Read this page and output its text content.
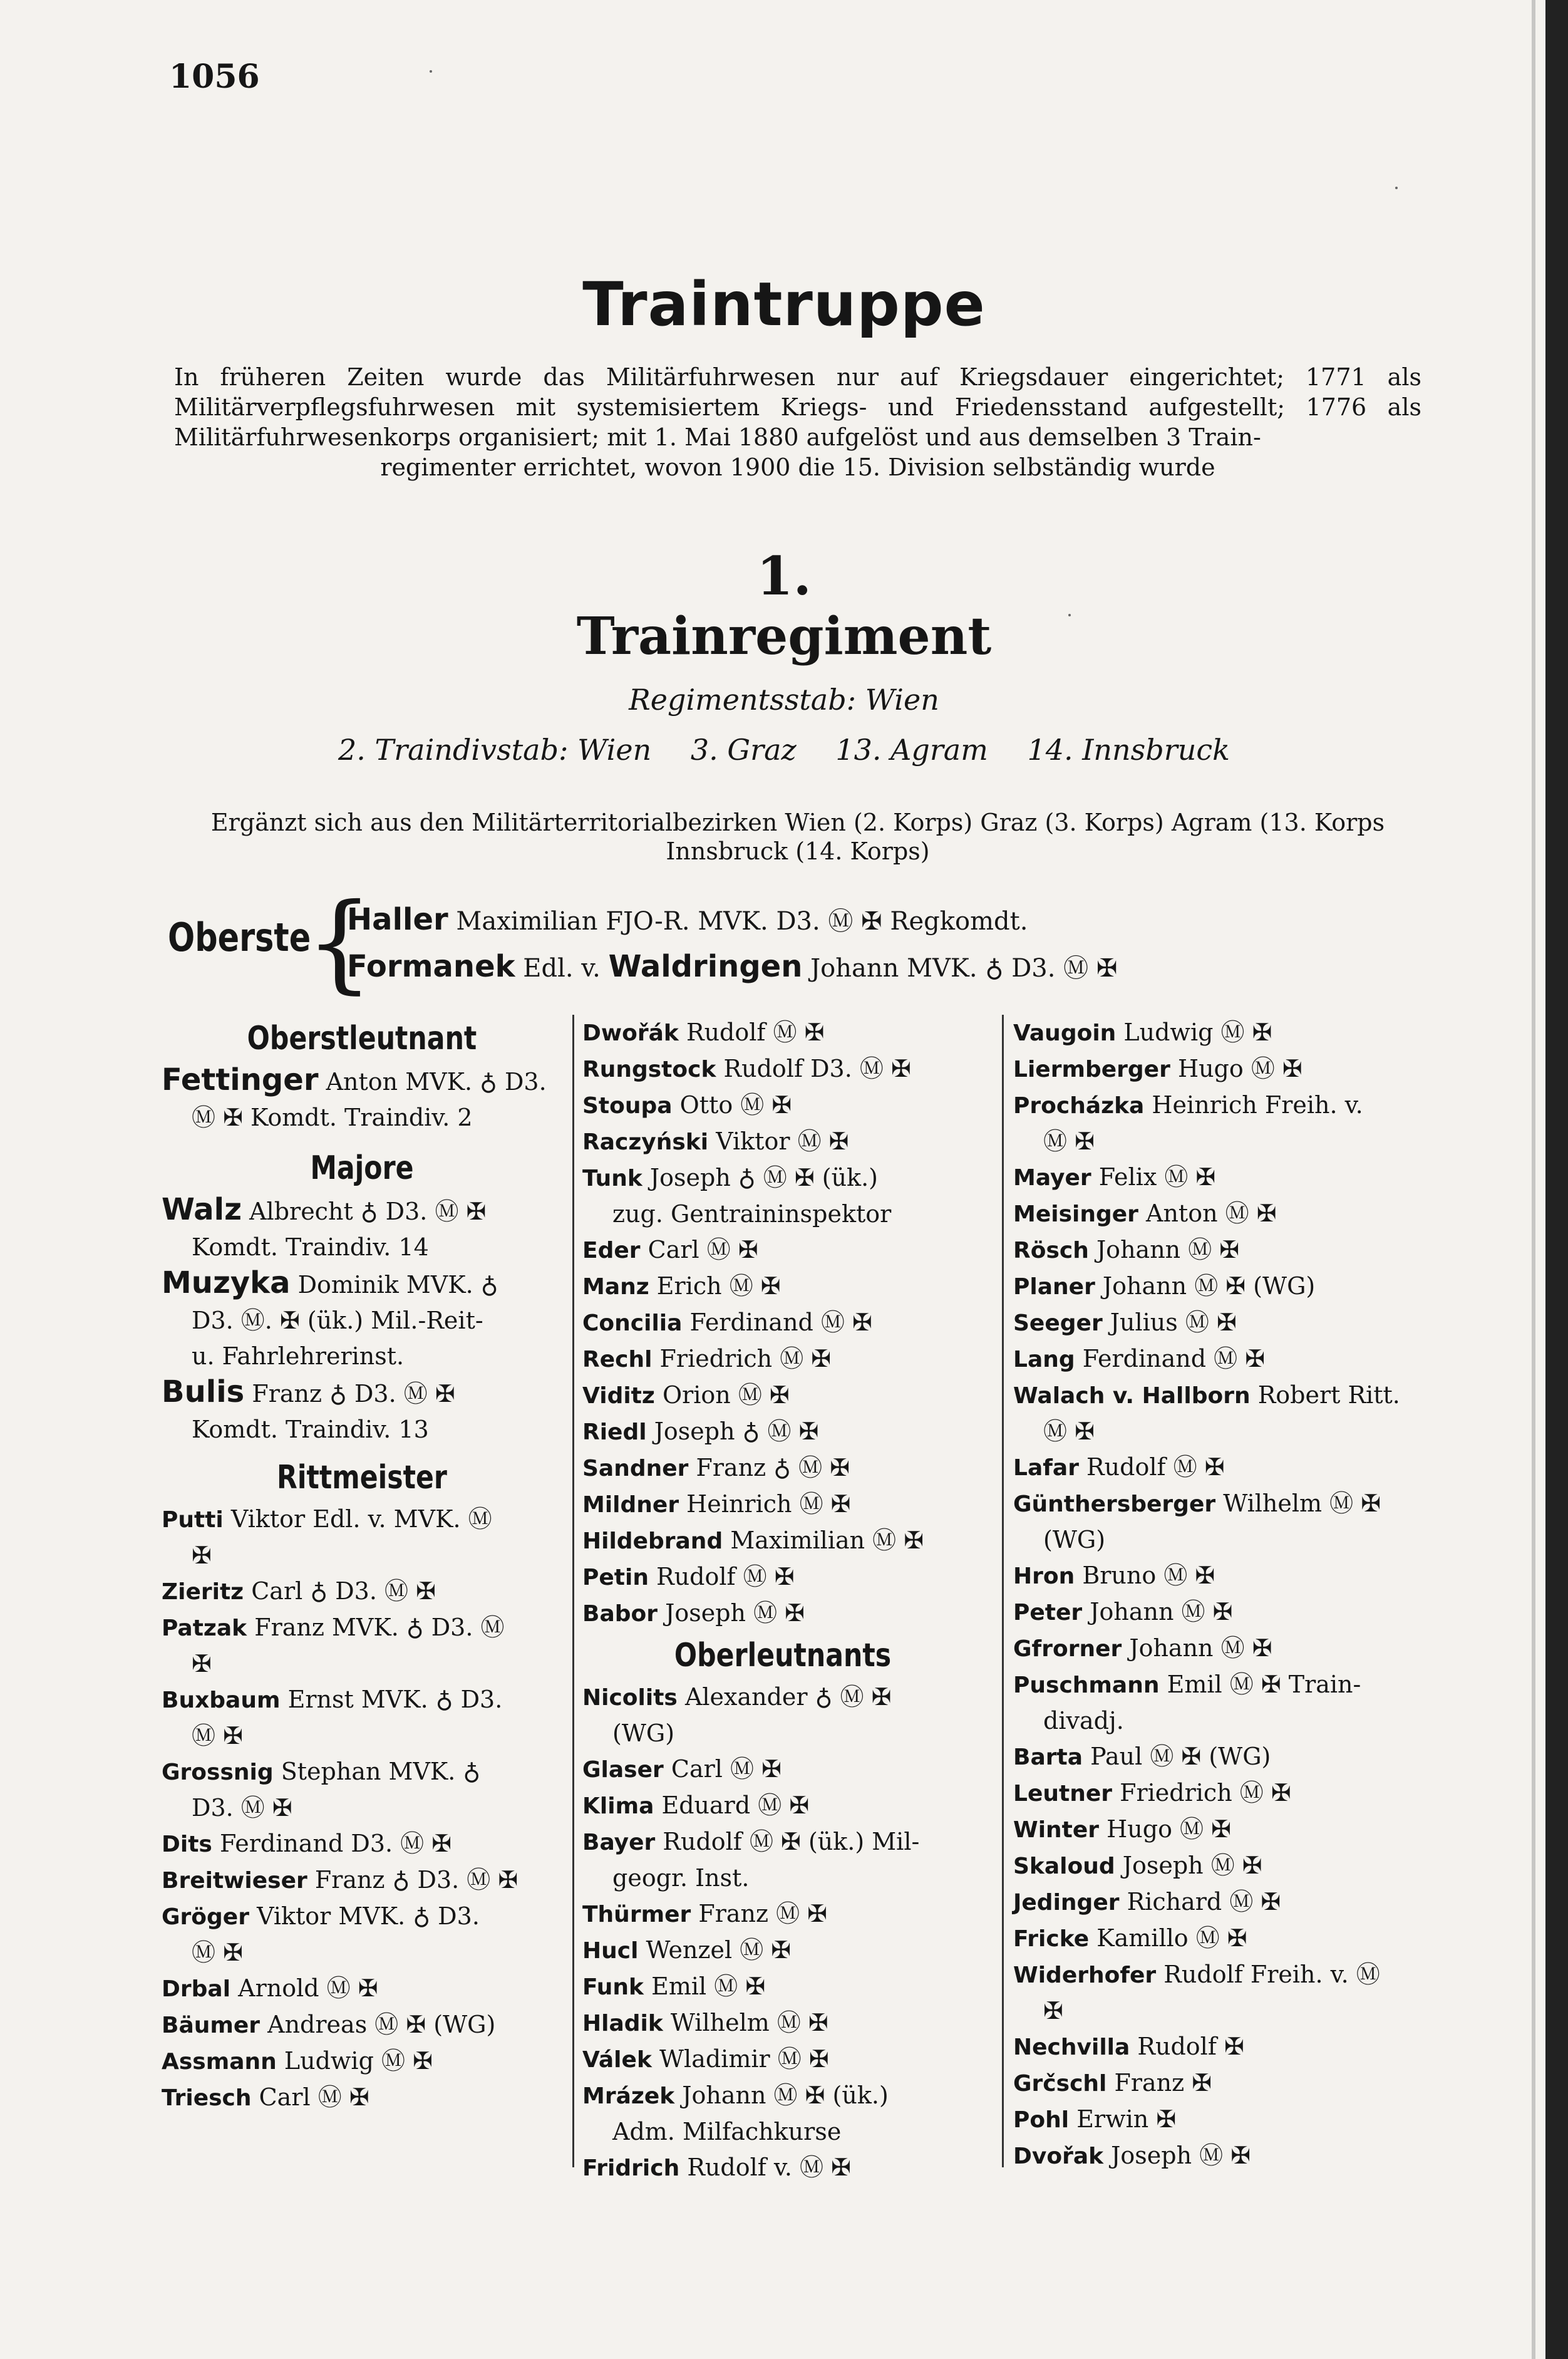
1056
Traintruppe
In früheren Zeiten wurde das Militärfuhrwesen nur auf Kriegsdauer eingerichtet; 1771 als Militärverpflegsfuhrwesen mit systemisiertem Kriegs- und Friedensstand aufgestellt; 1776 als Militärfuhrwesenkorps organisiert; mit 1. Mai 1880 aufgelöst und aus demselben 3 Train-
regimenter errichtet, wovon 1900 die 15. Division selbständig wurde
1.
Trainregiment
Regimentsstab: Wien
2. Traindivstab: Wien 3. Graz 13. Agram 14. Innsbruck
Ergänzt sich aus den Militärterritorialbezirken Wien (2. Korps) Graz (3. Korps) Agram (13. Korps Innsbruck (14. Korps)
Oberste
{
Haller Maximilian FJO-R. MVK. D3. Ⓜ ✠ Regkomdt.
Formanek Edl. v. Waldringen Johann MVK. ♁ D3. Ⓜ ✠
Oberstleutnant
Fettinger Anton MVK. ♁ D3.
Ⓜ ✠ Komdt. Traindiv. 2
Majore
Walz Albrecht ♁ D3. Ⓜ ✠
Komdt. Traindiv. 14
Muzyka Dominik MVK. ♁
D3. Ⓜ. ✠ (ük.) Mil.-Reit-
u. Fahrlehrerinst.
Bulis Franz ♁ D3. Ⓜ ✠
Komdt. Traindiv. 13
Rittmeister
Putti Viktor Edl. v. MVK. Ⓜ
✠
Zieritz Carl ♁ D3. Ⓜ ✠
Patzak Franz MVK. ♁ D3. Ⓜ
✠
Buxbaum Ernst MVK. ♁ D3.
Ⓜ ✠
Grossnig Stephan MVK. ♁
D3. Ⓜ ✠
Dits Ferdinand D3. Ⓜ ✠
Breitwieser Franz ♁ D3. Ⓜ ✠
Gröger Viktor MVK. ♁ D3.
Ⓜ ✠
Drbal Arnold Ⓜ ✠
Bäumer Andreas Ⓜ ✠ (WG)
Assmann Ludwig Ⓜ ✠
Triesch Carl Ⓜ ✠
Dwořák Rudolf Ⓜ ✠
Rungstock Rudolf D3. Ⓜ ✠
Stoupa Otto Ⓜ ✠
Raczyński Viktor Ⓜ ✠
Tunk Joseph ♁ Ⓜ ✠ (ük.)
zug. Gentraininspektor
Eder Carl Ⓜ ✠
Manz Erich Ⓜ ✠
Concilia Ferdinand Ⓜ ✠
Rechl Friedrich Ⓜ ✠
Viditz Orion Ⓜ ✠
Riedl Joseph ♁ Ⓜ ✠
Sandner Franz ♁ Ⓜ ✠
Mildner Heinrich Ⓜ ✠
Hildebrand Maximilian Ⓜ ✠
Petin Rudolf Ⓜ ✠
Babor Joseph Ⓜ ✠
Oberleutnants
Nicolits Alexander ♁ Ⓜ ✠
(WG)
Glaser Carl Ⓜ ✠
Klima Eduard Ⓜ ✠
Bayer Rudolf Ⓜ ✠ (ük.) Mil-
geogr. Inst.
Thürmer Franz Ⓜ ✠
Hucl Wenzel Ⓜ ✠
Funk Emil Ⓜ ✠
Hladik Wilhelm Ⓜ ✠
Válek Wladimir Ⓜ ✠
Mrázek Johann Ⓜ ✠ (ük.)
Adm. Milfachkurse
Fridrich Rudolf v. Ⓜ ✠
Vaugoin Ludwig Ⓜ ✠
Liermberger Hugo Ⓜ ✠
Procházka Heinrich Freih. v.
Ⓜ ✠
Mayer Felix Ⓜ ✠
Meisinger Anton Ⓜ ✠
Rösch Johann Ⓜ ✠
Planer Johann Ⓜ ✠ (WG)
Seeger Julius Ⓜ ✠
Lang Ferdinand Ⓜ ✠
Walach v. Hallborn Robert Ritt.
Ⓜ ✠
Lafar Rudolf Ⓜ ✠
Günthersberger Wilhelm Ⓜ ✠
(WG)
Hron Bruno Ⓜ ✠
Peter Johann Ⓜ ✠
Gfrorner Johann Ⓜ ✠
Puschmann Emil Ⓜ ✠ Train-
divadj.
Barta Paul Ⓜ ✠ (WG)
Leutner Friedrich Ⓜ ✠
Winter Hugo Ⓜ ✠
Skaloud Joseph Ⓜ ✠
Jedinger Richard Ⓜ ✠
Fricke Kamillo Ⓜ ✠
Widerhofer Rudolf Freih. v. Ⓜ
✠
Nechvilla Rudolf ✠
Grčschl Franz ✠
Pohl Erwin ✠
Dvořak Joseph Ⓜ ✠
